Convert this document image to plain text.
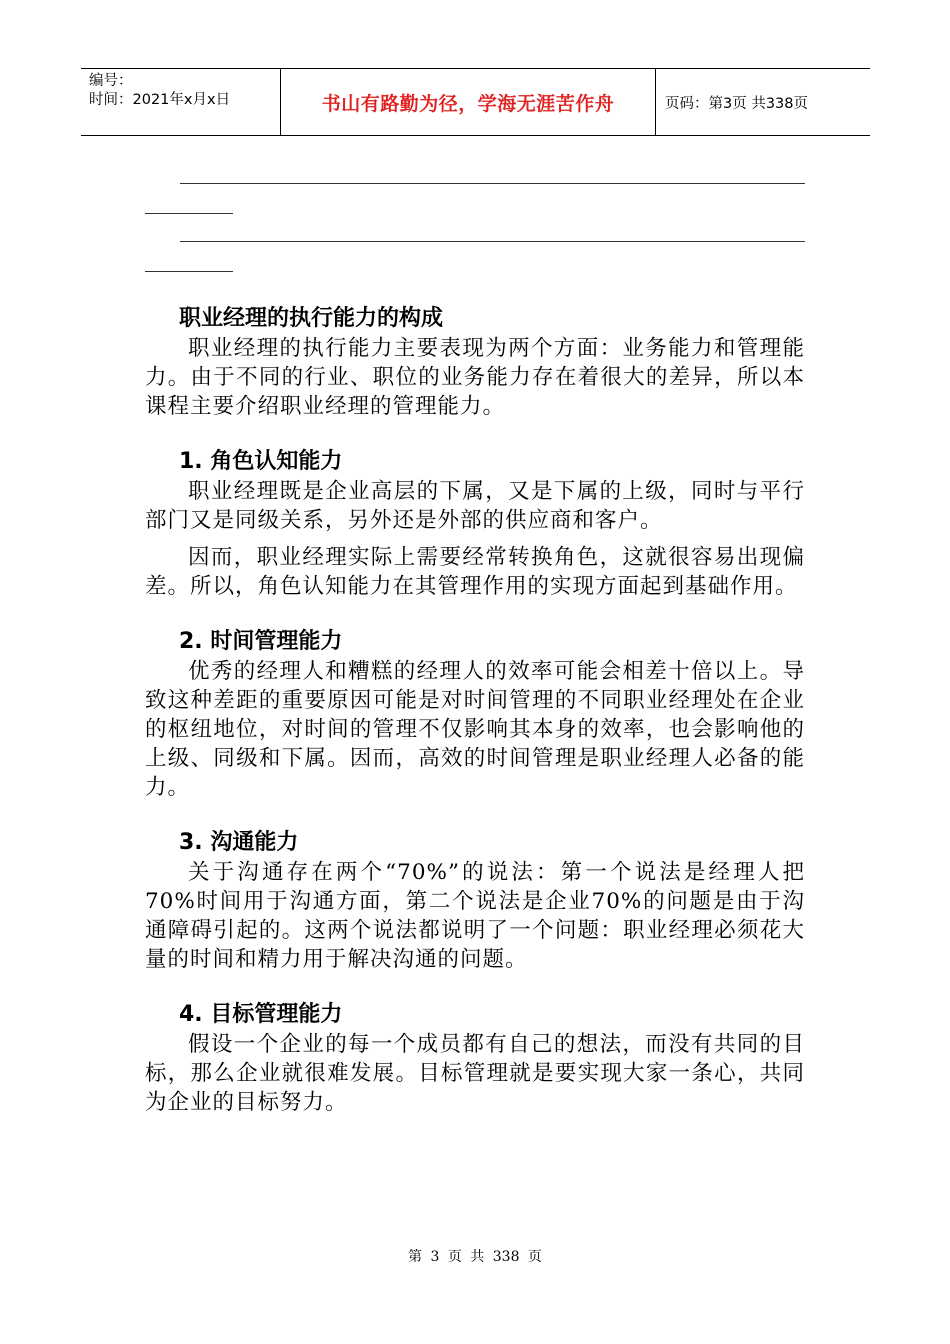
编号：
时间：2021年x月x日	书山有路勤为径，学海无涯苦作舟	页码：第3页 共338页
职业经理的执行能力的构成

职业经理的执行能力主要表现为两个方面：业务能力和管理能力。由于不同的行业、职位的业务能力存在着很大的差异，所以本课程主要介绍职业经理的管理能力。

1. 角色认知能力

职业经理既是企业高层的下属，又是下属的上级，同时与平行部门又是同级关系，另外还是外部的供应商和客户。

因而，职业经理实际上需要经常转换角色，这就很容易出现偏差。所以，角色认知能力在其管理作用的实现方面起到基础作用。

2. 时间管理能力

优秀的经理人和糟糕的经理人的效率可能会相差十倍以上。导致这种差距的重要原因可能是对时间管理的不同职业经理处在企业的枢纽地位，对时间的管理不仅影响其本身的效率，也会影响他的上级、同级和下属。因而，高效的时间管理是职业经理人必备的能力。

3. 沟通能力

关于沟通存在两个“70%”的说法：第一个说法是经理人把70%时间用于沟通方面，第二个说法是企业70%的问题是由于沟通障碍引起的。这两个说法都说明了一个问题：职业经理必须花大量的时间和精力用于解决沟通的问题。

4. 目标管理能力

假设一个企业的每一个成员都有自己的想法，而没有共同的目标，那么企业就很难发展。目标管理就是要实现大家一条心，共同为企业的目标努力。

第 3 页 共 338 页
